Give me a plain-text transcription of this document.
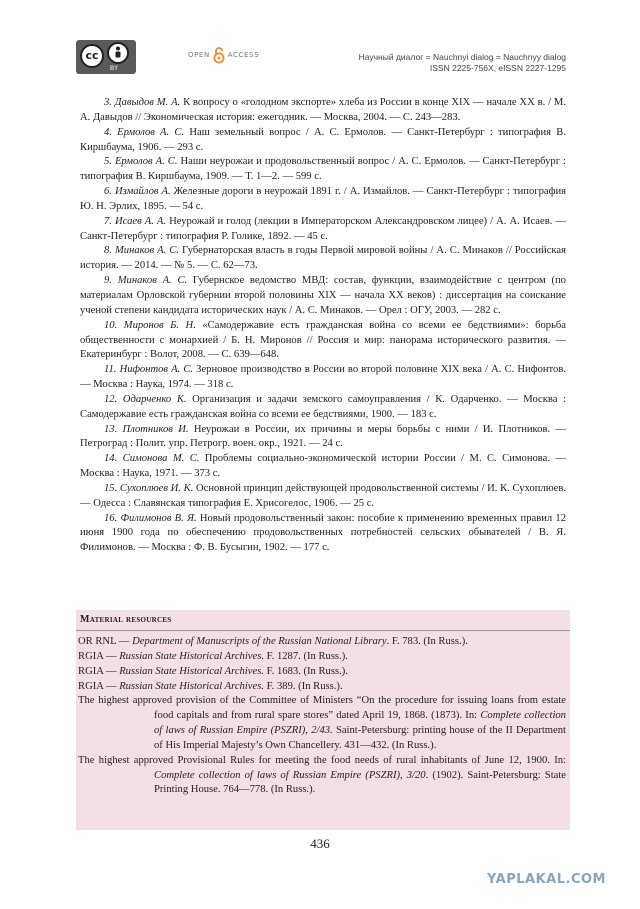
cc
BY
OPEN	ACCESS	Научный диалог = Nauchnyi dialog = Nauchnyy dialog
ISSN 2225-756X, eISSN 2227-1295

3. Давыдов М. А. К вопросу о «голодном экспорте» хлеба из России в конце XIX — начале XX в. / М. А. Давыдов // Экономическая история: ежегодник. — Москва, 2004. — С. 243—283.

4. Ермолов А. С. Наш земельный вопрос / А. С. Ермолов. — Санкт-Петербург : типография В. Киршбаума, 1906. — 293 с.

5. Ермолов А. С. Наши неурожаи и продовольственный вопрос / А. С. Ермолов. — Санкт-Петербург : типография В. Киршбаума, 1909. — Т. 1—2. — 599 с.

6. Измайлов А. Железные дороги в неурожай 1891 г. / А. Измайлов. — Санкт-Петербург : типография Ю. Н. Эрлих, 1895. — 54 с.

7. Исаев А. А. Неурожай и голод (лекции в Императорском Александровском лицее) / А. А. Исаев. — Санкт-Петербург : типография Р. Голике, 1892. — 45 с.

8. Минаков А. С. Губернаторская власть в годы Первой мировой войны / А. С. Минаков // Российская история. — 2014. — № 5. — С. 62—73.

9. Минаков А. С. Губернское ведомство МВД: состав, функции, взаимодействие с центром (по материалам Орловской губернии второй половины XIX — начала XX веков) : диссертация на соискание ученой степени кандидата исторических наук / А. С. Минаков. — Орел : ОГУ, 2003. — 282 с.

10. Миронов Б. Н. «Самодержавие есть гражданская война со всеми ее бедствиями»: борьба общественности с монархией / Б. Н. Миронов // Россия и мир: панорама исторического развития. — Екатеринбург : Волот, 2008. — С. 639—648.

11. Нифонтов А. С. Зерновое производство в России во второй половине XIX века / А. С. Нифонтов. — Москва : Наука, 1974. — 318 с.

12. Одарченко К. Организация и задачи земского самоуправления / К. Одарченко. — Москва : Самодержавие есть гражданская война со всеми ее бедствиями, 1900. — 183 с.

13. Плотников И. Неурожаи в России, их причины и меры борьбы с ними / И. Плотников. — Петроград : Полит. упр. Петрогр. воен. окр., 1921. — 24 с.

14. Симонова М. С. Проблемы социально-экономической истории России / М. С. Симонова. — Москва : Наука, 1971. — 373 с.

15. Сухоплюев И. К. Основной принцип действующей продовольственной системы / И. К. Сухоплюев. — Одесса : Славянская типография Е. Хрисогелос, 1906. — 25 с.

16. Филимонов В. Я. Новый продовольственный закон: пособие к применению временных правил 12 июня 1900 года по обеспечению продовольственных потребностей сельских обывателей / В. Я. Филимонов. — Москва : Ф. В. Бусыгин, 1902. — 177 с.

Material resources

OR RNL — Department of Manuscripts of the Russian National Library. F. 783. (In Russ.).

RGIA — Russian State Historical Archives. F. 1287. (In Russ.).

RGIA — Russian State Historical Archives. F. 1683. (In Russ.).

RGIA — Russian State Historical Archives. F. 389. (In Russ.).

The highest approved provision of the Committee of Ministers “On the procedure for issuing loans from estate food capitals and from rural spare stores” dated April 19, 1868. (1873). In: Complete collection of laws of Russian Empire (PSZRI), 2/43. Saint-Petersburg: printing house of the II Department of His Imperial Majesty’s Own Chancellery. 431—432. (In Russ.).

The highest approved Provisional Rules for meeting the food needs of rural inhabitants of June 12, 1900. In: Complete collection of laws of Russian Empire (PSZRI), 3/20. (1902). Saint-Petersburg: State Printing House. 764—778. (In Russ.).

436
YAPLAKAL.COM
